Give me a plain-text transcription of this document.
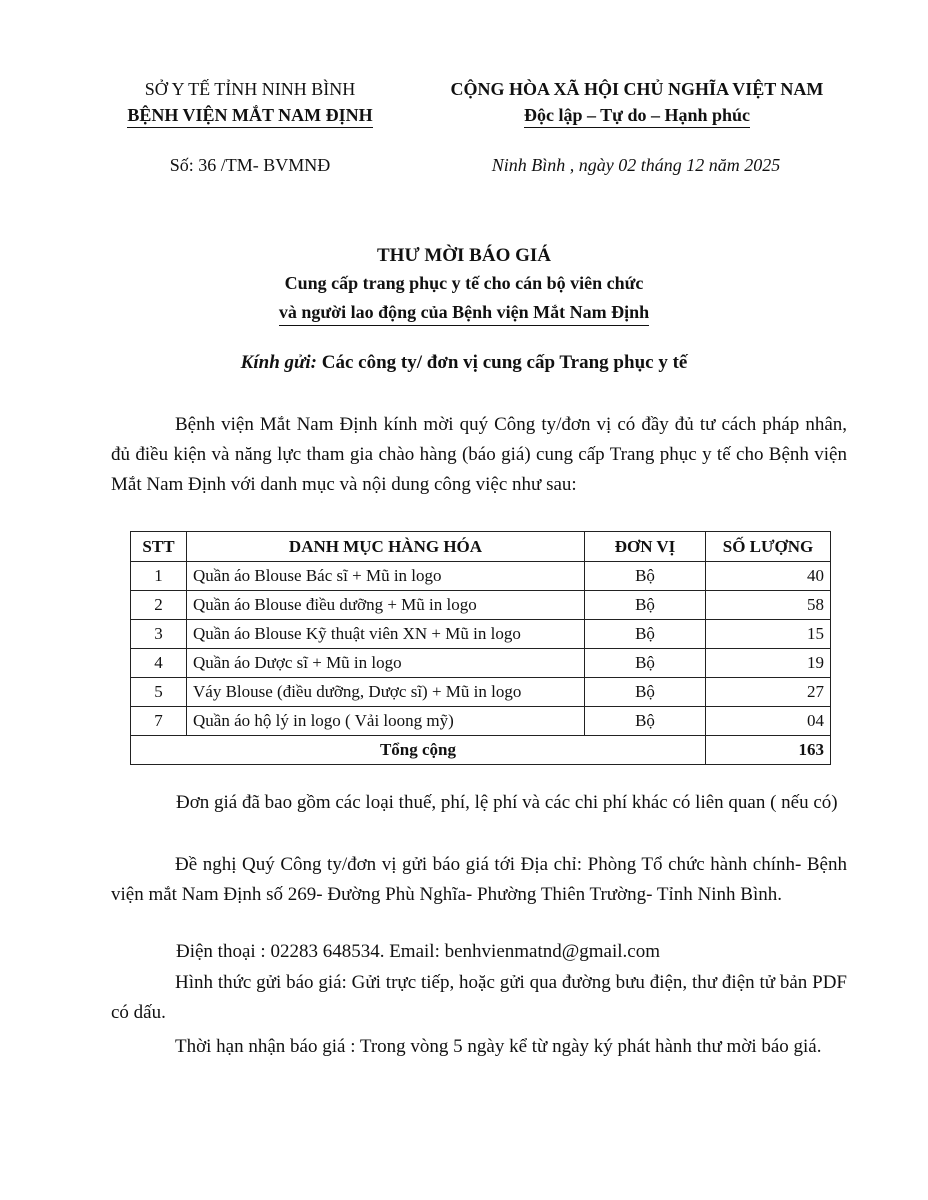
SỞ Y TẾ TỈNH NINH BÌNH
BỆNH VIỆN MẮT NAM ĐỊNH
CỘNG HÒA XÃ HỘI CHỦ NGHĨA VIỆT NAM
Độc lập – Tự do – Hạnh phúc
Số: 36 /TM- BVMNĐ	Ninh Bình , ngày 02 tháng 12 năm 2025
THƯ MỜI BÁO GIÁ
Cung cấp trang phục y tế cho cán bộ viên chức
và người lao động của Bệnh viện Mắt Nam Định
Kính gửi: Các công ty/ đơn vị cung cấp Trang phục y tế
Bệnh viện Mắt Nam Định kính mời quý Công ty/đơn vị có đầy đủ tư cách pháp nhân, đủ điều kiện và năng lực tham gia chào hàng (báo giá) cung cấp Trang phục y tế cho Bệnh viện Mắt Nam Định với danh mục và nội dung công việc như sau:
STT	DANH MỤC HÀNG HÓA	ĐƠN VỊ	SỐ LƯỢNG
1	Quần áo Blouse Bác sĩ + Mũ in logo	Bộ	40
2	Quần áo Blouse điều dưỡng + Mũ in logo	Bộ	58
3	Quần áo Blouse Kỹ thuật viên XN + Mũ in logo	Bộ	15
4	Quần áo Dược sĩ + Mũ in logo	Bộ	19
5	Váy Blouse (điều dưỡng, Dược sĩ) + Mũ in logo	Bộ	27
7	Quần áo hộ lý in logo ( Vải loong mỹ)	Bộ	04
Tổng cộng			163
Đơn giá đã bao gồm các loại thuế, phí, lệ phí và các chi phí khác có liên quan ( nếu có)
Đề nghị Quý Công ty/đơn vị gửi báo giá tới Địa chỉ: Phòng Tổ chức hành chính- Bệnh viện mắt Nam Định số 269- Đường Phù Nghĩa- Phường Thiên Trường- Tỉnh Ninh Bình.
Điện thoại : 02283 648534. Email: benhvienmatnd@gmail.com
Hình thức gửi báo giá: Gửi trực tiếp, hoặc gửi qua đường bưu điện, thư điện tử bản PDF có dấu.
Thời hạn nhận báo giá : Trong vòng 5 ngày kể từ ngày ký phát hành thư mời báo giá.
